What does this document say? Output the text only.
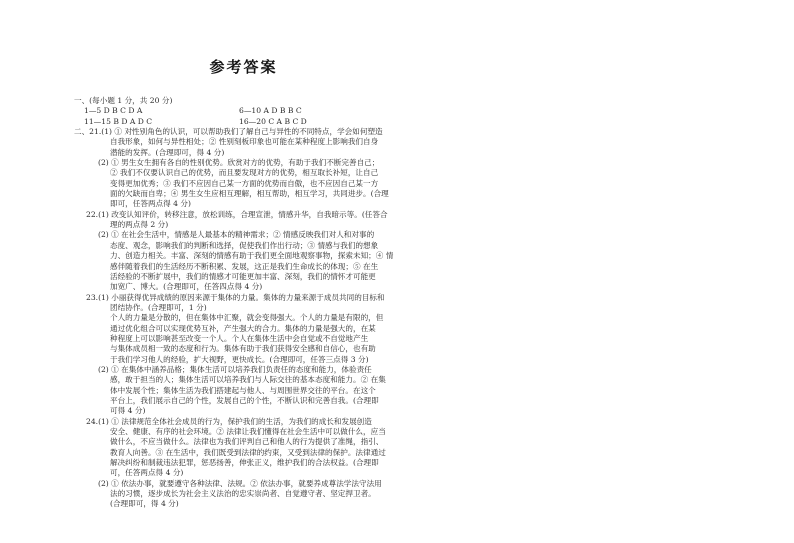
参考答案
一、(每小题 1 分，共 20 分)
1—5 D B C D A	6—10 A D B B C
11—15 B D A D C	16—20 C A B C D
二、21.(1) ① 对性别角色的认识，可以帮助我们了解自己与异性的不同特点，学会如何塑造
自我形象，如何与异性相处；② 性别刻板印象也可能在某种程度上影响我们自身
潜能的发挥。(合理即可，得 4 分)
(2) ① 男生女生拥有各自的性别优势。欣赏对方的优势，有助于我们不断完善自己；
② 我们不仅要认识自己的优势，而且要发现对方的优势，相互取长补短，让自己
变得更加优秀；③ 我们不应因自己某一方面的优势而自傲，也不应因自己某一方
面的欠缺而自卑；④ 男生女生应相互理解，相互帮助，相互学习，共同进步。(合理
即可，任答两点得 4 分)
22.(1) 改变认知评价，转移注意，放松训练，合理宣泄，情感升华，自我暗示等。(任答合
理的两点得 2 分)
(2) ① 在社会生活中，情感是人最基本的精神需求；② 情感反映我们对人和对事的
态度、观念，影响我们的判断和选择，促使我们作出行动；③ 情感与我们的想象
力、创造力相关。丰富、深刻的情感有助于我们更全面地观察事物，探索未知；④ 情
感伴随着我们的生活经历不断积累、发展，这正是我们生命成长的体现；⑤ 在生
活经验的不断扩展中，我们的情感才可能更加丰富、深刻，我们的情怀才可能更
加宽广、博大。(合理即可，任答四点得 4 分)
23.(1) 小丽获得优异成绩的原因来源于集体的力量。集体的力量来源于成员共同的目标和
团结协作。(合理即可，1 分)
个人的力量是分散的，但在集体中汇聚，就会变得强大。个人的力量是有限的，但
通过优化组合可以实现优势互补，产生强大的合力。集体的力量是强大的，在某
种程度上可以影响甚至改变一个人。个人在集体生活中会自觉或不自觉地产生
与集体成员相一致的态度和行为。集体有助于我们获得安全感和自信心，也有助
于我们学习他人的经验，扩大视野，更快成长。(合理即可，任答三点得 3 分)
(2) ① 在集体中涵养品格；集体生活可以培养我们负责任的态度和能力，体验责任
感，敢于担当的人；集体生活可以培养我们与人际交往的基本态度和能力。② 在集
体中发展个性；集体生活为我们搭建起与他人、与周围世界交往的平台。在这个
平台上，我们展示自己的个性，发展自己的个性，不断认识和完善自我。(合理即
可得 4 分)
24.(1) ① 法律规范全体社会成员的行为，保护我们的生活，为我们的成长和发展创造
安全、健康、有序的社会环境。② 法律让我们懂得在社会生活中可以做什么，应当
做什么，不应当做什么。法律也为我们评判自己和他人的行为提供了准绳，指引、
教育人向善。③ 在生活中，我们既受到法律的约束，又受到法律的保护。法律通过
解决纠纷和制裁违法犯罪，惩恶扬善，伸张正义，维护我们的合法权益。(合理即
可，任答两点得 4 分)
(2) ① 依法办事，就要遵守各种法律、法规。② 依法办事，就要养成尊法学法守法用
法的习惯，逐步成长为社会主义法治的忠实崇尚者、自觉遵守者、坚定捍卫者。
(合理即可，得 4 分)
